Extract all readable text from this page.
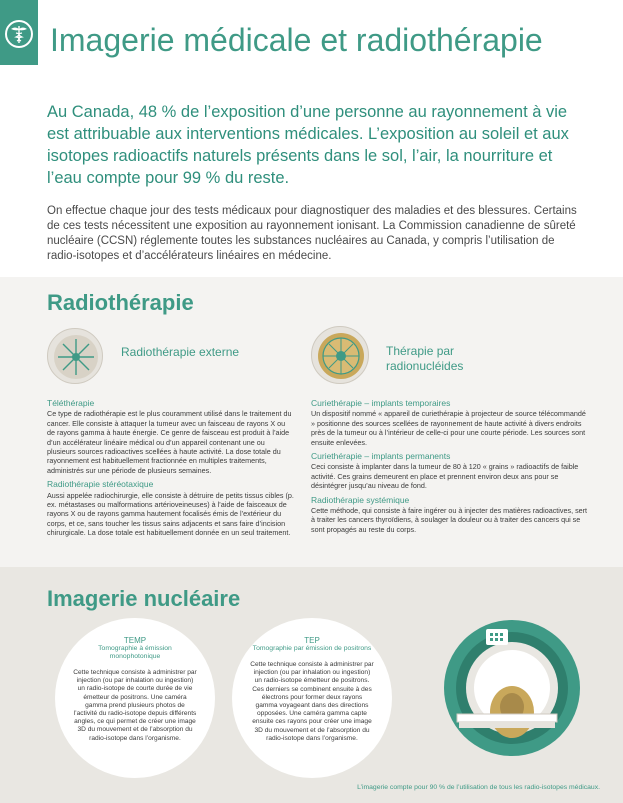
Imagerie médicale et radiothérapie

Au Canada, 48 % de l’exposition d’une personne au rayonnement à vie est attribuable aux interventions médicales. L’exposition au soleil et aux isotopes radioactifs naturels présents dans le sol, l’air, la nourriture et l’eau compte pour 99 % du reste.

On effectue chaque jour des tests médicaux pour diagnostiquer des maladies et des blessures. Certains de ces tests nécessitent une exposition au rayonnement ionisant. La Commission canadienne de sûreté nucléaire (CCSN) réglemente toutes les substances nucléaires au Canada, y compris l’utilisation de radio-isotopes et d’accélérateurs linéaires en médecine.

Radiothérapie
Radiothérapie externe	Thérapie par radionucléides
Téléthérapie

Ce type de radiothérapie est le plus couramment utilisé dans le traitement du cancer. Elle consiste à attaquer la tumeur avec un faisceau de rayons X ou de rayons gamma à haute énergie. Ce genre de faisceau est produit à l’aide d’un accélérateur linéaire médical ou d’un appareil contenant une ou plusieurs sources radioactives scellées à haute activité. La dose totale du rayonnement est habituellement fractionnée en multiples traitements, administrés sur une période de plusieurs semaines.

Radiothérapie stéréotaxique

Aussi appelée radiochirurgie, elle consiste à détruire de petits tissus cibles (p. ex. métastases ou malformations artérioveineuses) à l’aide de faisceaux de rayons X ou de rayons gamma hautement focalisés émis de l’extérieur du corps, et ce, sans toucher les tissus sains adjacents et sans faire d’incision chirurgicale. La dose totale est habituellement donnée en un seul traitement.

Curiethérapie – implants temporaires

Un dispositif nommé « appareil de curiethérapie à projecteur de source télécommandé » positionne des sources scellées de rayonnement de haute activité à divers endroits près de la tumeur ou à l’intérieur de celle-ci pour une courte période. Les sources sont ensuite enlevées.

Curiethérapie – implants permanents

Ceci consiste à implanter dans la tumeur de 80 à 120 « grains » radioactifs de faible activité. Ces grains demeurent en place et prennent environ deux ans pour se désintégrer jusqu’au niveau de fond.

Radiothérapie systémique

Cette méthode, qui consiste à faire ingérer ou à injecter des matières radioactives, sert à traiter les cancers thyroïdiens, à soulager la douleur ou à traiter des cancers qui se sont propagés au reste du corps.

Imagerie nucléaire
TEMP
Tomographie à émission monophotonique
Cette technique consiste à administrer par injection (ou par inhalation ou ingestion) un radio-isotope de courte durée de vie émetteur de positrons. Une caméra gamma prend plusieurs photos de l’activité du radio-isotope depuis différents angles, ce qui permet de créer une image 3D du mouvement et de l’absorption du radio-isotope dans l’organisme.
TEP
Tomographie par émission de positrons
Cette technique consiste à administrer par injection (ou par inhalation ou ingestion) un radio-isotope émetteur de positrons. Ces derniers se combinent ensuite à des électrons pour former deux rayons gamma voyageant dans des directions opposées. Une caméra gamma capte ensuite ces rayons pour créer une image 3D du mouvement et de l’absorption du radio-isotope dans l’organisme.
L’imagerie compte pour 90 % de l’utilisation de tous les radio-isotopes médicaux.
